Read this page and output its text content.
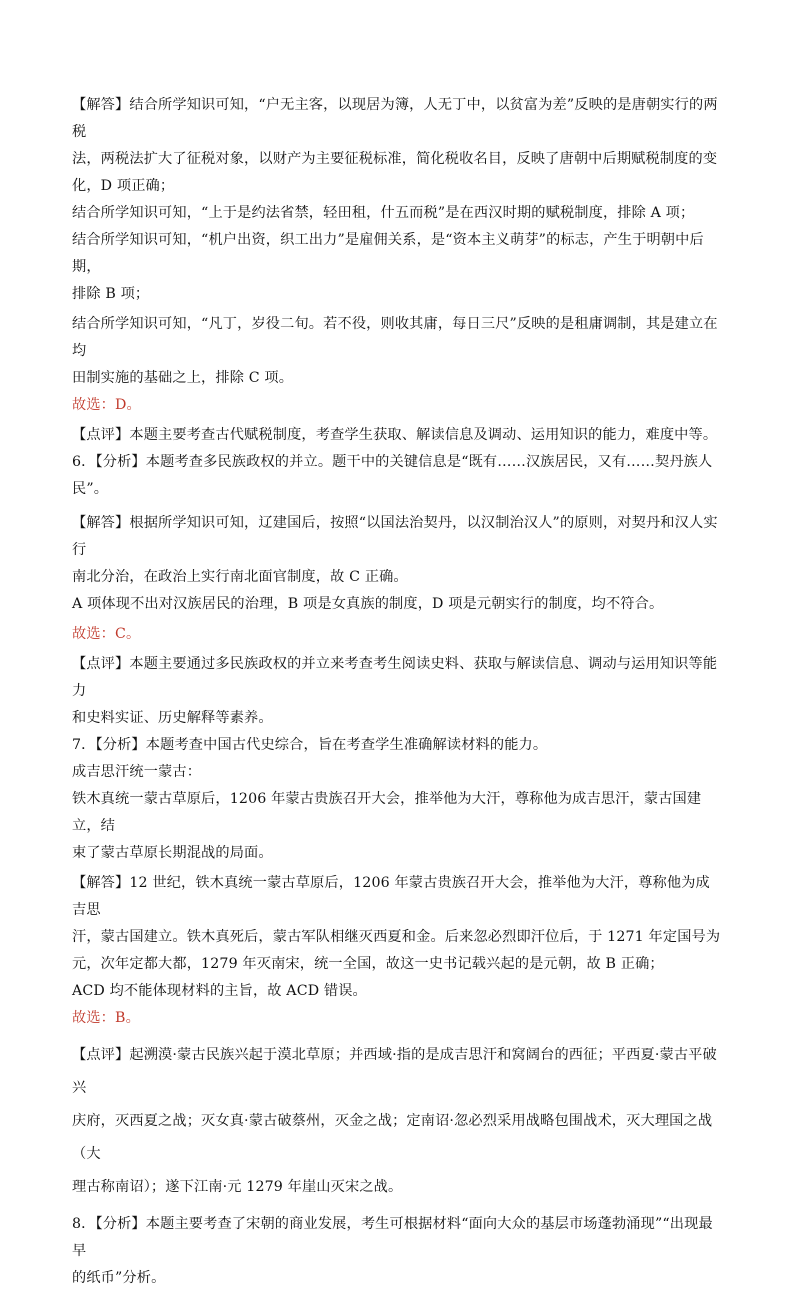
【解答】结合所学知识可知，“户无主客，以现居为簿，人无丁中，以贫富为差”反映的是唐朝实行的两税

法，两税法扩大了征税对象，以财产为主要征税标准，简化税收名目，反映了唐朝中后期赋税制度的变

化，D 项正确；

结合所学知识可知，“上于是约法省禁，轻田租，什五而税”是在西汉时期的赋税制度，排除 A 项；

结合所学知识可知，“机户出资，织工出力”是雇佣关系，是“资本主义萌芽”的标志，产生于明朝中后期，

排除 B 项；

结合所学知识可知，“凡丁，岁役二旬。若不役，则收其庸，每日三尺”反映的是租庸调制，其是建立在均

田制实施的基础之上，排除 C 项。

故选：D。

【点评】本题主要考查古代赋税制度，考查学生获取、解读信息及调动、运用知识的能力，难度中等。

6．【分析】本题考查多民族政权的并立。题干中的关键信息是“既有……汉族居民，又有……契丹族人

民”。

【解答】根据所学知识可知，辽建国后，按照“以国法治契丹，以汉制治汉人”的原则，对契丹和汉人实行

南北分治，在政治上实行南北面官制度，故 C 正确。

A 项体现不出对汉族居民的治理，B 项是女真族的制度，D 项是元朝实行的制度，均不符合。

故选：C。

【点评】本题主要通过多民族政权的并立来考查考生阅读史料、获取与解读信息、调动与运用知识等能力

和史料实证、历史解释等素养。

7．【分析】本题考查中国古代史综合，旨在考查学生准确解读材料的能力。

成吉思汗统一蒙古：

铁木真统一蒙古草原后，1206 年蒙古贵族召开大会，推举他为大汗，尊称他为成吉思汗，蒙古国建立，结

束了蒙古草原长期混战的局面。

【解答】12 世纪，铁木真统一蒙古草原后，1206 年蒙古贵族召开大会，推举他为大汗，尊称他为成吉思

汗，蒙古国建立。铁木真死后，蒙古军队相继灭西夏和金。后来忽必烈即汗位后，于 1271 年定国号为

元，次年定都大都，1279 年灭南宋，统一全国，故这一史书记载兴起的是元朝，故 B 正确；

ACD 均不能体现材料的主旨，故 ACD 错误。

故选：B。

【点评】起溯漠·蒙古民族兴起于漠北草原；并西域·指的是成吉思汗和窝阔台的西征；平西夏·蒙古平破兴

庆府，灭西夏之战；灭女真·蒙古破蔡州，灭金之战；定南诏·忽必烈采用战略包围战术，灭大理国之战（大

理古称南诏）；遂下江南·元 1279 年崖山灭宋之战。

8．【分析】本题主要考查了宋朝的商业发展，考生可根据材料“面向大众的基层市场蓬勃涌现”“出现最早

的纸币”分析。
